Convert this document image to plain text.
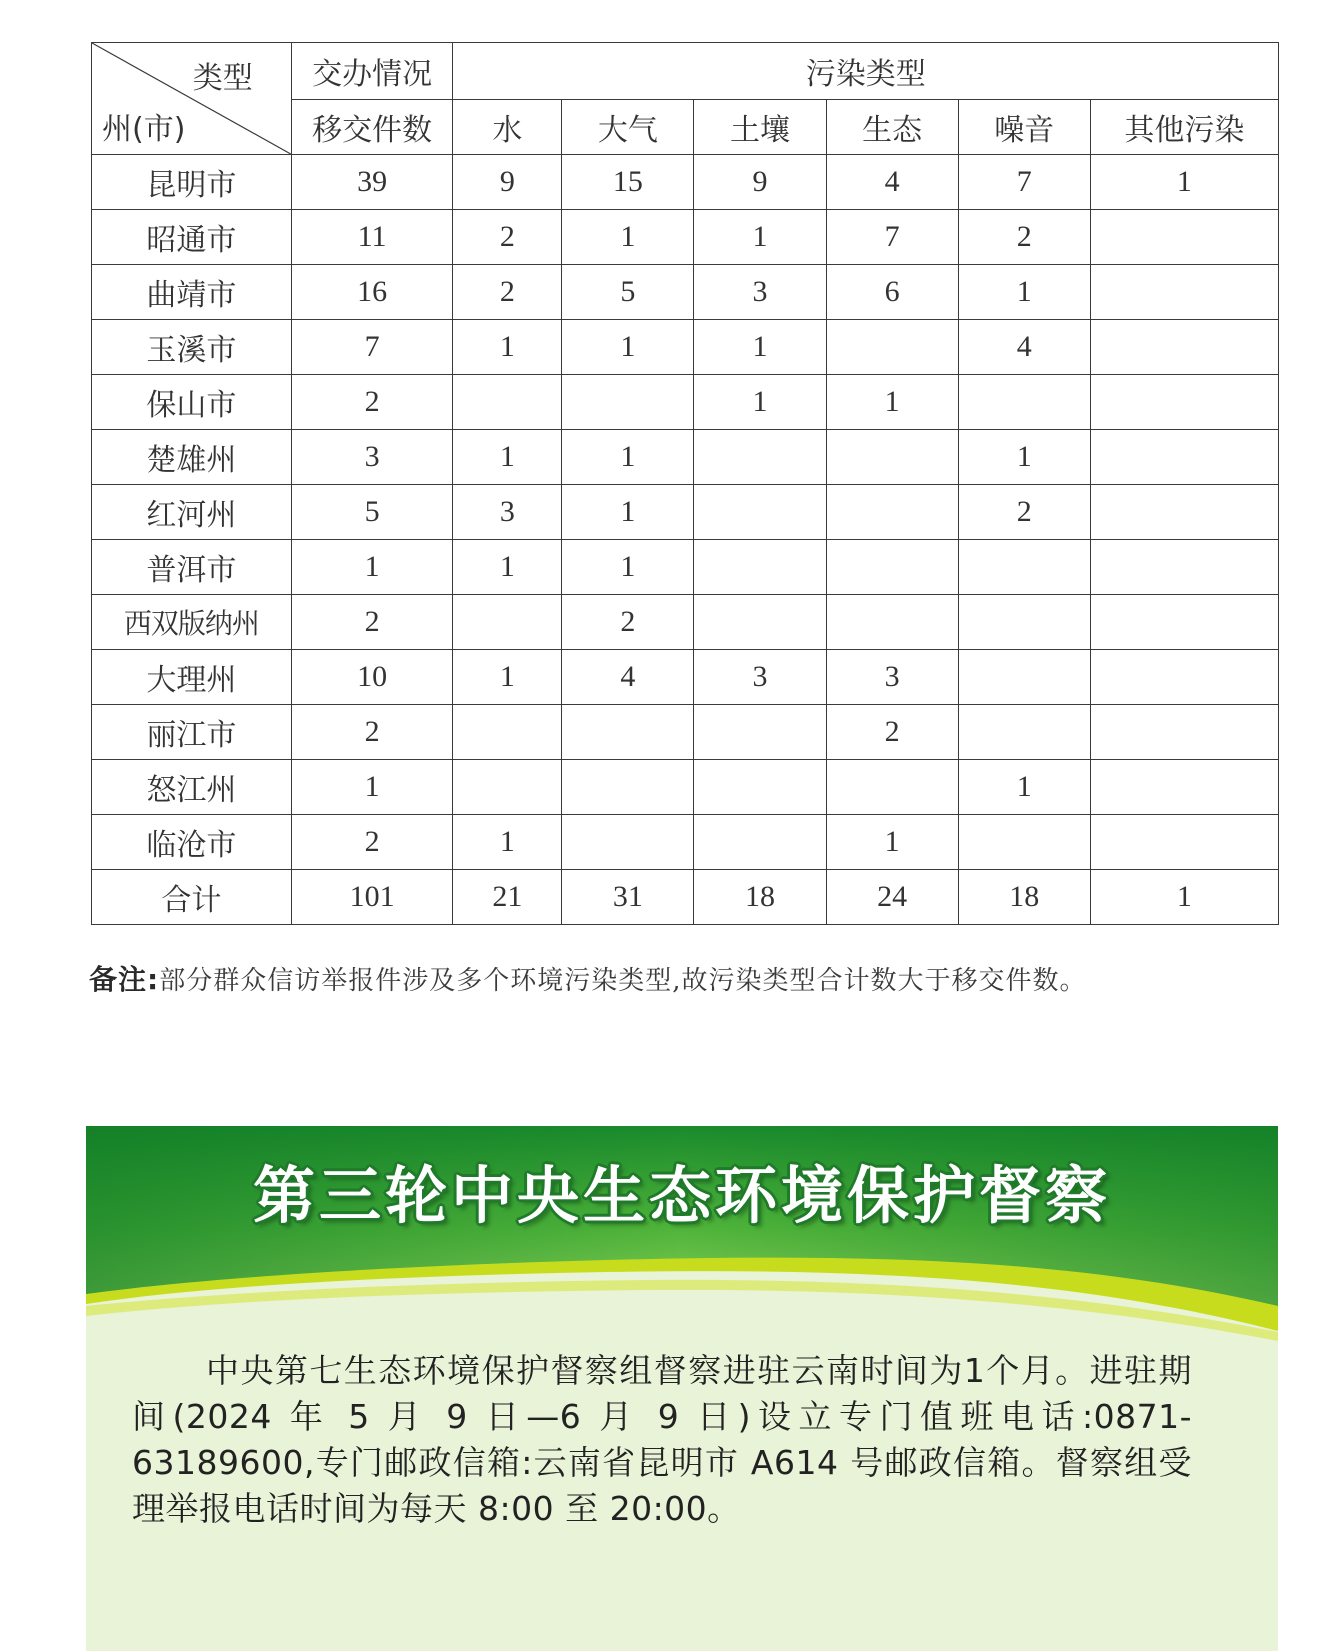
类型
州(市)	交办情况	污染类型					
	移交件数	水	大气	土壤	生态	噪音	其他污染
昆明市	39	9	15	9	4	7	1
昭通市	11	2	1	1	7	2	
曲靖市	16	2	5	3	6	1	
玉溪市	7	1	1	1		4	
保山市	2			1	1		
楚雄州	3	1	1			1	
红河州	5	3	1			2	
普洱市	1	1	1				
西双版纳州	2		2				
大理州	10	1	4	3	3		
丽江市	2				2		
怒江州	1					1	
临沧市	2	1			1		
合计	101	21	31	18	24	18	1
备注:部分群众信访举报件涉及多个环境污染类型,故污染类型合计数大于移交件数。
第三轮中央生态环境保护督察
中央第七生态环境保护督察组督察进驻云南时间为1个月。进驻期间(2024 年 5 月 9 日—6 月 9 日)设立专门值班电话:0871-63189600,专门邮政信箱:云南省昆明市 A614 号邮政信箱。督察组受理举报电话时间为每天 8:00 至 20:00。
